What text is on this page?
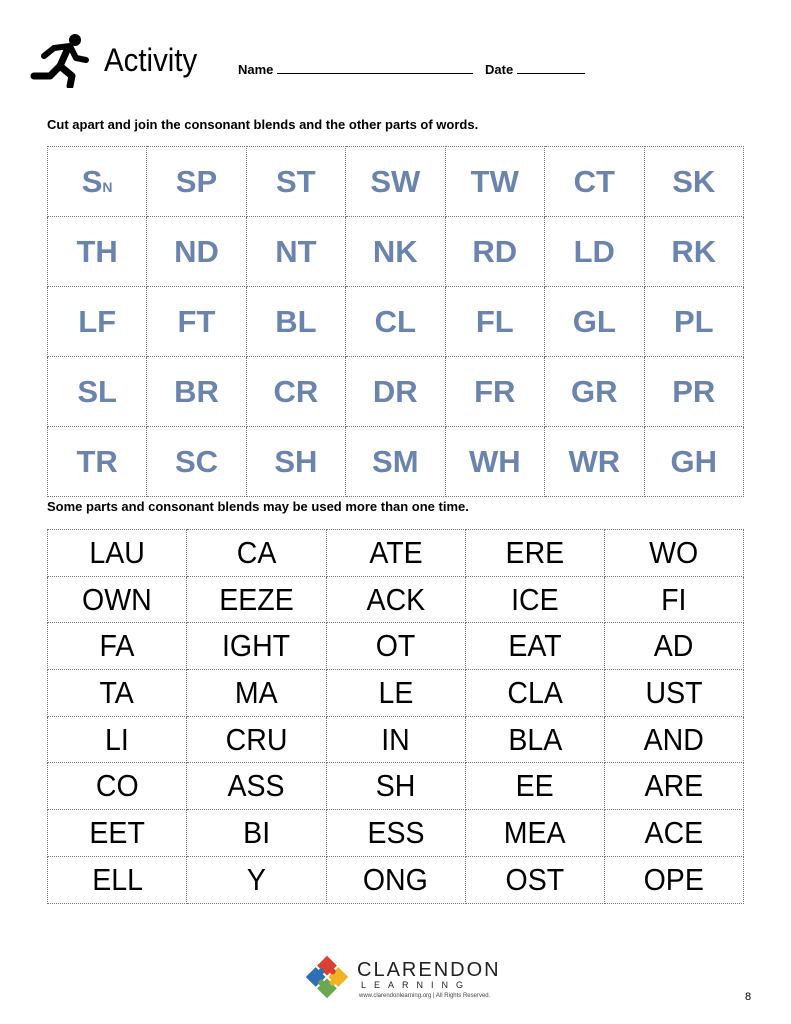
Activity	Name	Date
Cut apart and join the consonant blends and the other parts of words.
SN	SP	ST	SW	TW	CT	SK
TH	ND	NT	NK	RD	LD	RK
LF	FT	BL	CL	FL	GL	PL
SL	BR	CR	DR	FR	GR	PR
TR	SC	SH	SM	WH	WR	GH
Some parts and consonant blends may be used more than one time.
LAU	CA	ATE	ERE	WO
OWN	EEZE	ACK	ICE	FI
FA	IGHT	OT	EAT	AD
TA	MA	LE	CLA	UST
LI	CRU	IN	BLA	AND
CO	ASS	SH	EE	ARE
EET	BI	ESS	MEA	ACE
ELL	Y	ONG	OST	OPE
CLARENDON
LEARNING
www.clarendonlearning.org | All Rights Reserved.	8
